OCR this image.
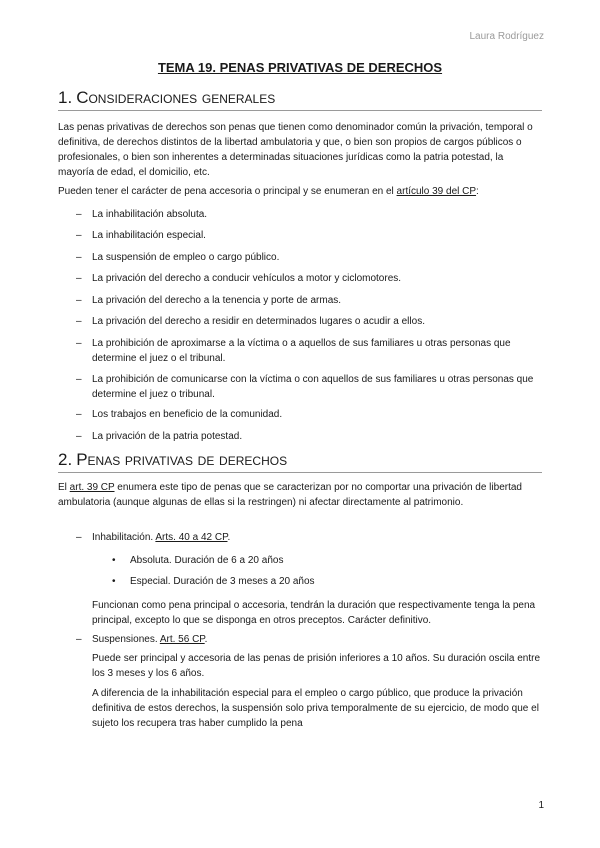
Laura Rodríguez
TEMA 19. PENAS PRIVATIVAS DE DERECHOS
1. Consideraciones generales

Las penas privativas de derechos son penas que tienen como denominador común la privación, temporal o definitiva, de derechos distintos de la libertad ambulatoria y que, o bien son propios de cargos públicos o profesionales, o bien son inherentes a determinadas situaciones jurídicas como la patria potestad, la mayoría de edad, el domicilio, etc.

Pueden tener el carácter de pena accesoria o principal y se enumeran en el artículo 39 del CP:

– La inhabilitación absoluta.
– La inhabilitación especial.
– La suspensión de empleo o cargo público.
– La privación del derecho a conducir vehículos a motor y ciclomotores.
– La privación del derecho a la tenencia y porte de armas.
– La privación del derecho a residir en determinados lugares o acudir a ellos.
– La prohibición de aproximarse a la víctima o a aquellos de sus familiares u otras personas que determine el juez o el tribunal.
– La prohibición de comunicarse con la víctima o con aquellos de sus familiares u otras personas que determine el juez o tribunal.
– Los trabajos en beneficio de la comunidad.
– La privación de la patria potestad.
2. Penas privativas de derechos

El art. 39 CP enumera este tipo de penas que se caracterizan por no comportar una privación de libertad ambulatoria (aunque algunas de ellas si la restringen) ni afectar directamente al patrimonio.

– Inhabilitación. Arts. 40 a 42 CP.
• Absoluta. Duración de 6 a 20 años
• Especial. Duración de 3 meses a 20 años

Funcionan como pena principal o accesoria, tendrán la duración que respectivamente tenga la pena principal, excepto lo que se disponga en otros preceptos. Carácter definitivo.

– Suspensiones. Art. 56 CP.

Puede ser principal y accesoria de las penas de prisión inferiores a 10 años. Su duración oscila entre los 3 meses y los 6 años.

A diferencia de la inhabilitación especial para el empleo o cargo público, que produce la privación definitiva de estos derechos, la suspensión solo priva temporalmente de su ejercicio, de modo que el sujeto los recupera tras haber cumplido la pena

1
